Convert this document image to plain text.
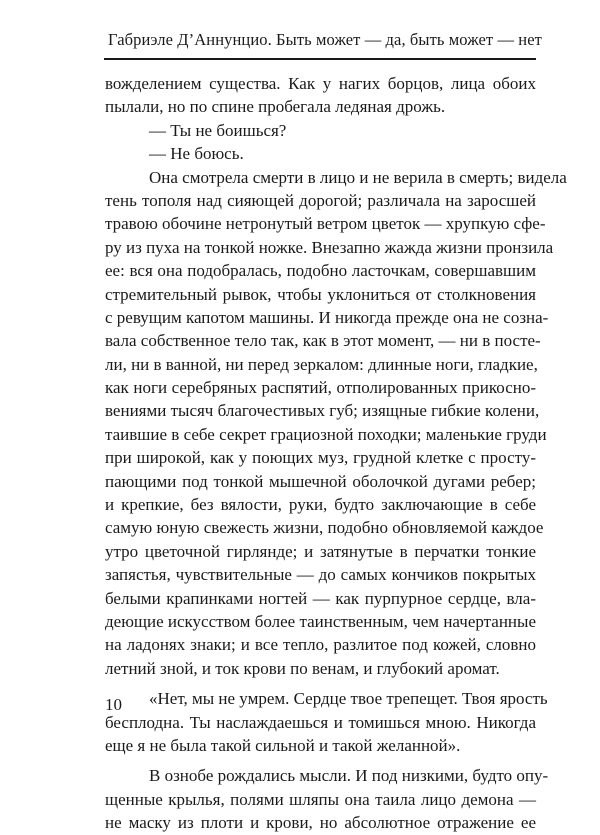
Габриэле Д’Аннунцио. Быть может — да, быть может — нет
вожделением существа. Как у нагих борцов, лица обоих
пылали, но по спине пробегала ледяная дрожь.
— Ты не боишься?
— Не боюсь.
Она смотрела смерти в лицо и не верила в смерть; видела
тень тополя над сияющей дорогой; различала на заросшей
травою обочине нетронутый ветром цветок — хрупкую сфе-
ру из пуха на тонкой ножке. Внезапно жажда жизни пронзила
ее: вся она подобралась, подобно ласточкам, совершавшим
стремительный рывок, чтобы уклониться от столкновения
с ревущим капотом машины. И никогда прежде она не созна-
вала собственное тело так, как в этот момент, — ни в посте-
ли, ни в ванной, ни перед зеркалом: длинные ноги, гладкие,
как ноги серебряных распятий, отполированных прикосно-
вениями тысяч благочестивых губ; изящные гибкие колени,
таившие в себе секрет грациозной походки; маленькие груди
при широкой, как у поющих муз, грудной клетке с просту-
пающими под тонкой мышечной оболочкой дугами ребер;
и крепкие, без вялости, руки, будто заключающие в себе
самую юную свежесть жизни, подобно обновляемой каждое
утро цветочной гирлянде; и затянутые в перчатки тонкие
запястья, чувствительные — до самых кончиков покрытых
белыми крапинками ногтей — как пурпурное сердце, вла-
деющие искусством более таинственным, чем начертанные
на ладонях знаки; и все тепло, разлитое под кожей, словно
летний зной, и ток крови по венам, и глубокий аромат.
«Нет, мы не умрем. Сердце твое трепещет. Твоя ярость
бесплодна. Ты наслаждаешься и томишься мною. Никогда
еще я не была такой сильной и такой желанной».
В ознобе рождались мысли. И под низкими, будто опу-
щенные крылья, полями шляпы она таила лицо демона —
не маску из плоти и крови, но абсолютное отражение ее
10
